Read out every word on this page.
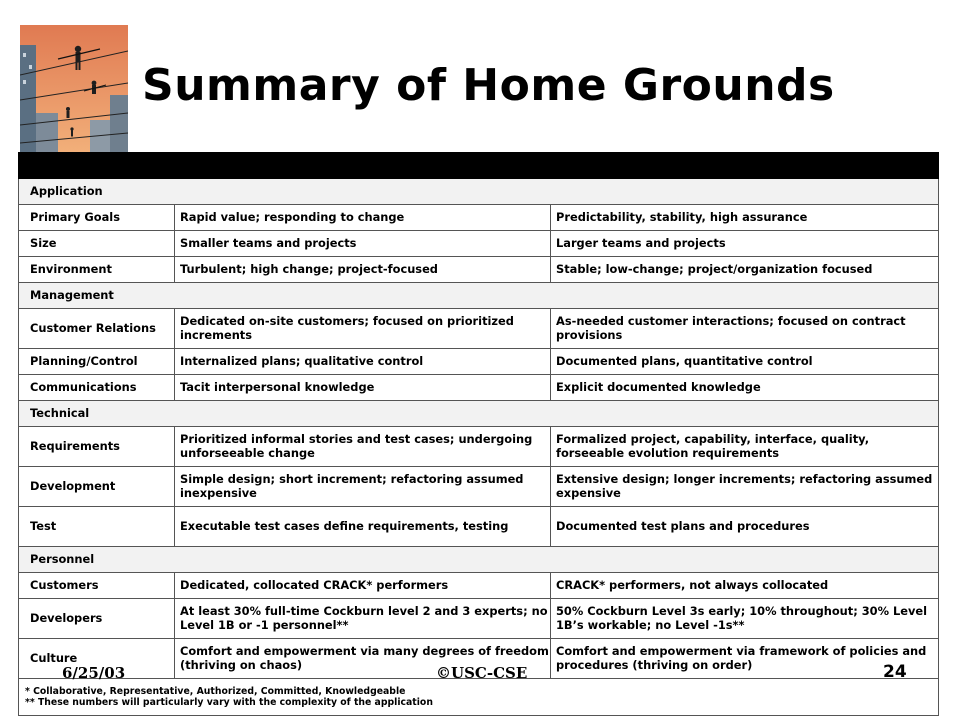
Summary of Home Grounds

Application		
Primary Goals	Rapid value; responding to change	Predictability, stability, high assurance
Size	Smaller teams and projects	Larger teams and projects
Environment	Turbulent; high change; project-focused	Stable; low-change; project/organization focused
Management		
Customer Relations	Dedicated on-site customers; focused on prioritized increments	As-needed customer interactions; focused on contract provisions
Planning/Control	Internalized plans; qualitative control	Documented plans, quantitative control
Communications	Tacit interpersonal knowledge	Explicit documented knowledge
Technical		
Requirements	Prioritized informal stories and test cases; undergoing unforseeable change	Formalized project, capability, interface, quality, forseeable evolution requirements
Development	Simple design; short increment; refactoring assumed inexpensive	Extensive design; longer increments; refactoring assumed expensive
Test	Executable test cases define requirements, testing	Documented test plans and procedures
Personnel		
Customers	Dedicated, collocated CRACK* performers	CRACK* performers, not always collocated
Developers	At least 30% full-time Cockburn level 2 and 3 experts; no Level 1B or -1 personnel**	50% Cockburn Level 3s early; 10% throughout; 30% Level 1B’s workable; no Level -1s**
Culture	Comfort and empowerment via many degrees of freedom (thriving on chaos)	Comfort and empowerment via framework of policies and procedures (thriving on order)

* Collaborative, Representative, Authorized, Committed, Knowledgeable
** These numbers will particularly vary with the complexity of the application		
6/25/03	©USC-CSE	24
